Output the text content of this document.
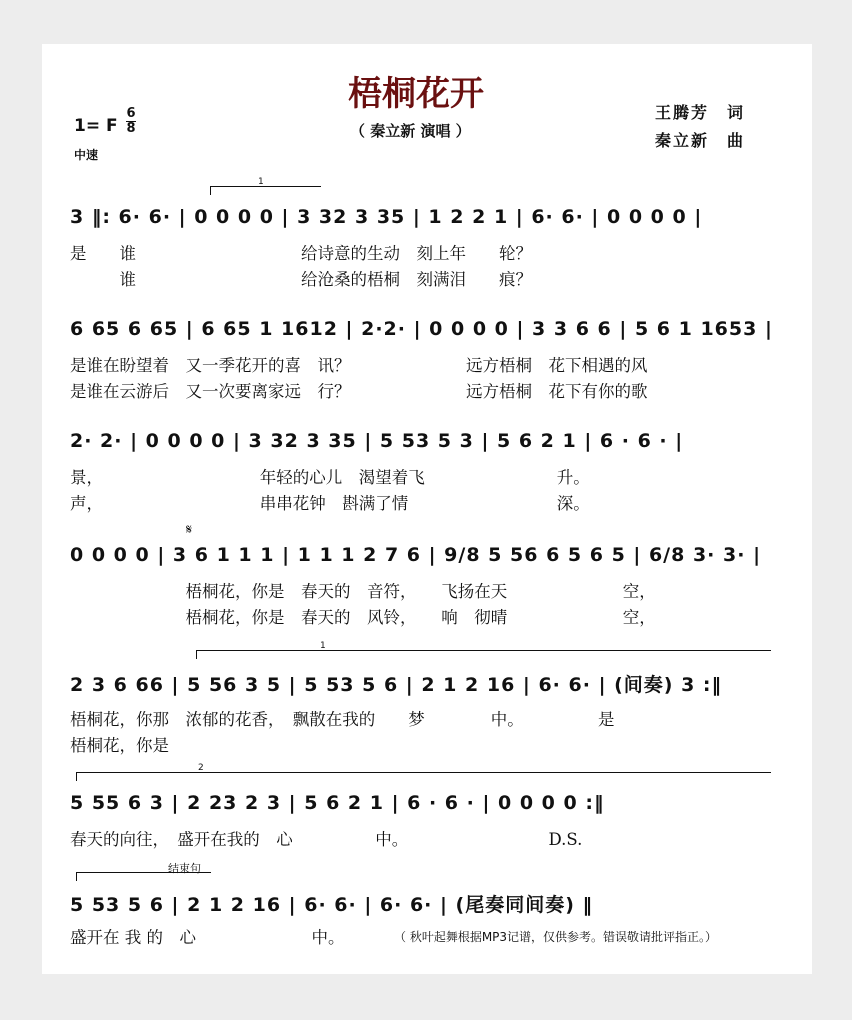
梧桐花开
（ 秦立新 演唱 ）
王腾芳　词
秦立新　曲
1= F
6
8
中速
1
3 ‖: 6· 6· | 0 0 0 0 | 3 32 3 35 | 1 2 2 1 | 6· 6· | 0 0 0 0 |
是　　谁　　　　　　　　　　给诗意的生动　刻上年　　轮？
　　　谁　　　　　　　　　　给沧桑的梧桐　刻满泪　　痕？
6 65 6 65 | 6 65 1 1612 | 2·2· | 0 0 0 0 | 3 3 6 6 | 5 6 1 1653 |
是谁在盼望着　又一季花开的喜　讯？　　　　　　　远方梧桐　花下相遇的风
是谁在云游后　又一次要离家远　行？　　　　　　　远方梧桐　花下有你的歌
2· 2· | 0 0 0 0 | 3 32 3 35 | 5 53 5 3 | 5 6 2 1 | 6 · 6 · |
景，　　　　　　　　　　年轻的心儿　渴望着飞　　　　　　　　升。
声，　　　　　　　　　　串串花钟　斟满了情　　　　　　　　　深。
𝄋
0 0 0 0 | 3 6 1 1 1 | 1 1 1 2 7 6 | 9/8 5 56 6 5 6 5 | 6/8 3· 3· |
　　　　　　　梧桐花，你是　春天的　音符，　　飞扬在天　　　　　　　空，
　　　　　　　梧桐花，你是　春天的　风铃，　　响　彻晴　　　　　　　空，
1
2 3 6 66 | 5 56 3 5 | 5 53 5 6 | 2 1 2 16 | 6· 6· | (间奏) 3 :‖
梧桐花，你那　浓郁的花香，　飘散在我的　　梦　　　　中。　　　　　是
梧桐花，你是
2
5 55 6 3 | 2 23 2 3 | 5 6 2 1 | 6 · 6 · | 0 0 0 0 :‖
春天的向往，　盛开在我的　心　　　　　中。　　　　　　　　　D.S.
结束句
5 53 5 6 | 2 1 2 16 | 6· 6· | 6· 6· | (尾奏同间奏) ‖
盛开在 我 的　心　　　　　　　中。	（ 秋叶起舞根据MP3记谱，仅供参考。错误敬请批评指正。）
